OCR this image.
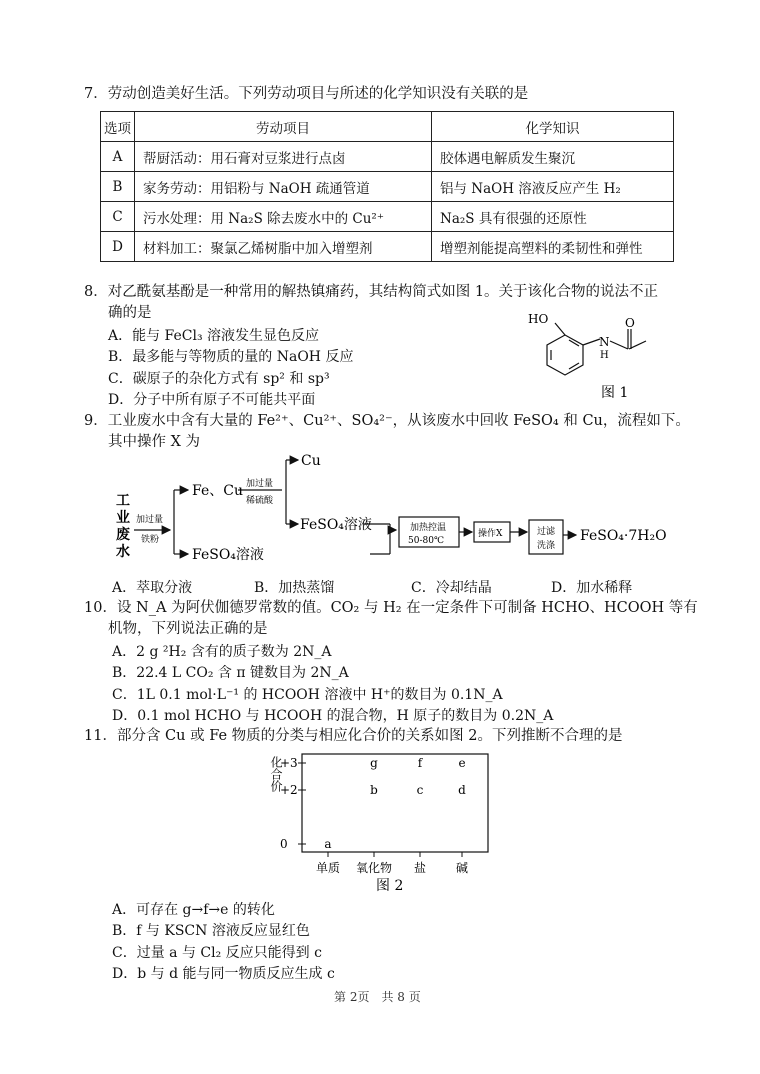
7．劳动创造美好生活。下列劳动项目与所述的化学知识没有关联的是
选项	劳动项目	化学知识
A	帮厨活动：用石膏对豆浆进行点卤	胶体遇电解质发生聚沉
B	家务劳动：用铝粉与 NaOH 疏通管道	铝与 NaOH 溶液反应产生 H₂
C	污水处理：用 Na₂S 除去废水中的 Cu²⁺	Na₂S 具有很强的还原性
D	材料加工：聚氯乙烯树脂中加入增塑剂	增塑剂能提高塑料的柔韧性和弹性
8．对乙酰氨基酚是一种常用的解热镇痛药，其结构简式如图 1。关于该化合物的说法不正
确的是
A．能与 FeCl₃ 溶液发生显色反应
B．最多能与等物质的量的 NaOH 反应
C．碳原子的杂化方式有 sp² 和 sp³
D．分子中所有原子不可能共平面
HO
N
H
O
图 1
9．工业废水中含有大量的 Fe²⁺、Cu²⁺、SO₄²⁻，从该废水中回收 FeSO₄ 和 Cu，流程如下。
其中操作 X 为
工
业
废
水
加过量
铁粉
加过量
稀硫酸
加热控温
50-80℃
操作X	过滤
洗涤
Fe、Cu
Cu
FeSO₄溶液
FeSO₄溶液
FeSO₄·7H₂O
A．萃取分液	B．加热蒸馏	C．冷却结晶	D．加水稀释
10．设 N_A 为阿伏伽德罗常数的值。CO₂ 与 H₂ 在一定条件下可制备 HCHO、HCOOH 等有
机物，下列说法正确的是
A．2 g ²H₂ 含有的质子数为 2N_A
B．22.4 L CO₂ 含 π 键数目为 2N_A
C．1L 0.1 mol·L⁻¹ 的 HCOOH 溶液中 H⁺的数目为 0.1N_A
D．0.1 mol HCHO 与 HCOOH 的混合物，H 原子的数目为 0.2N_A
11．部分含 Cu 或 Fe 物质的分类与相应化合价的关系如图 2。下列推断不合理的是
+3
+2
0
单质 氧化物 盐 碱
a
b
g
c
f
d
e
化合价
图 2
A．可存在 g→f→e 的转化
B．f 与 KSCN 溶液反应显红色
C．过量 a 与 Cl₂ 反应只能得到 c
D．b 与 d 能与同一物质反应生成 c
第 2页　共 8 页
